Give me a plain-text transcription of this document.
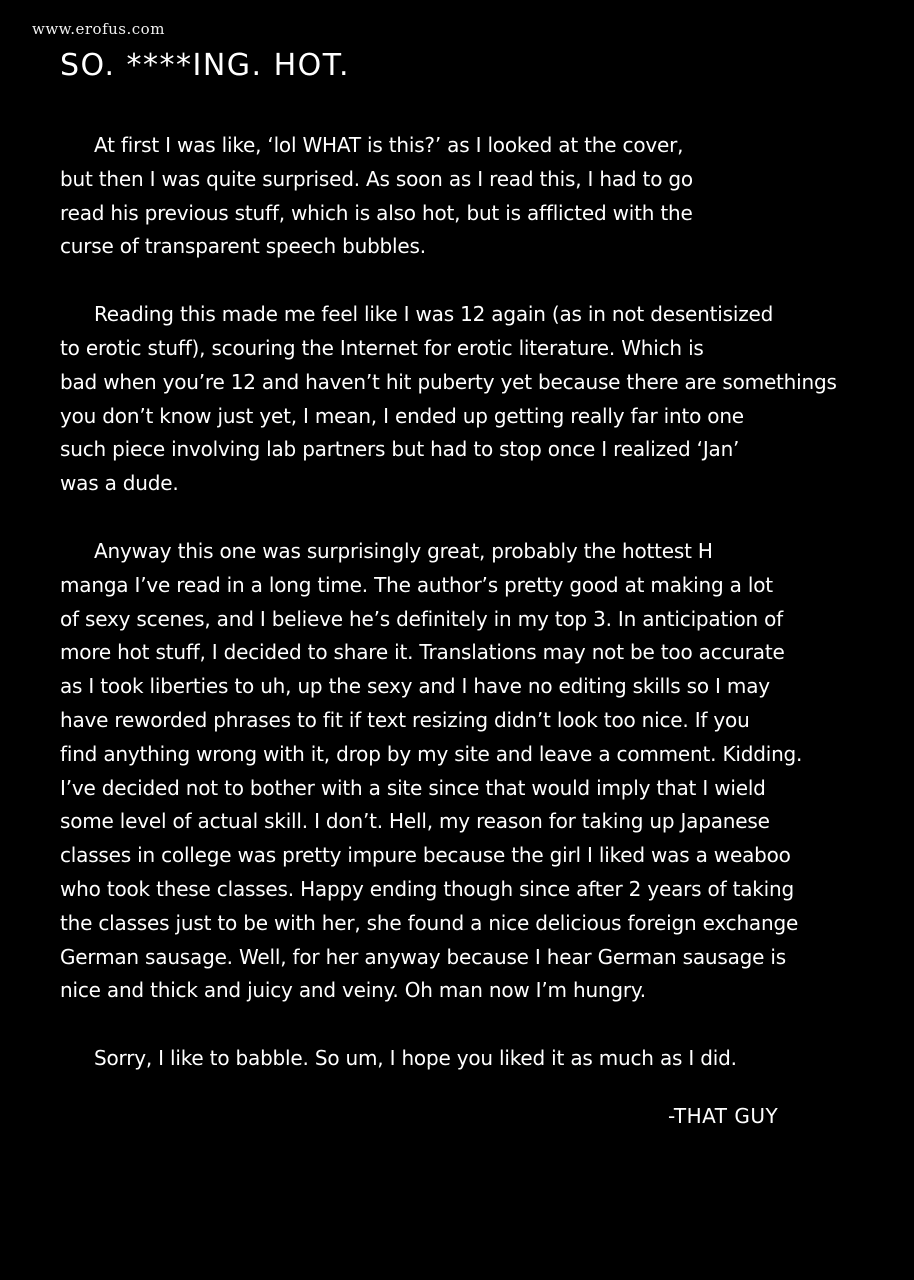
www.erofus.com
SO. ****ING. HOT.

At first I was like, ‘lol WHAT is this?’ as I looked at the cover,
but then I was quite surprised. As soon as I read this, I had to go
read his previous stuff, which is also hot, but is afflicted with the
curse of transparent speech bubbles.

Reading this made me feel like I was 12 again (as in not desentisized
to erotic stuff), scouring the Internet for erotic literature. Which is
bad when you’re 12 and haven’t hit puberty yet because there are somethings
you don’t know just yet, I mean, I ended up getting really far into one
such piece involving lab partners but had to stop once I realized ‘Jan’
was a dude.

Anyway this one was surprisingly great, probably the hottest H
manga I’ve read in a long time. The author’s pretty good at making a lot
of sexy scenes, and I believe he’s definitely in my top 3. In anticipation of
more hot stuff, I decided to share it. Translations may not be too accurate
as I took liberties to uh, up the sexy and I have no editing skills so I may
have reworded phrases to fit if text resizing didn’t look too nice. If you
find anything wrong with it, drop by my site and leave a comment. Kidding.
I’ve decided not to bother with a site since that would imply that I wield
some level of actual skill. I don’t. Hell, my reason for taking up Japanese
classes in college was pretty impure because the girl I liked was a weaboo
who took these classes. Happy ending though since after 2 years of taking
the classes just to be with her, she found a nice delicious foreign exchange
German sausage. Well, for her anyway because I hear German sausage is
nice and thick and juicy and veiny. Oh man now I’m hungry.

Sorry, I like to babble. So um, I hope you liked it as much as I did.

-THAT GUY
